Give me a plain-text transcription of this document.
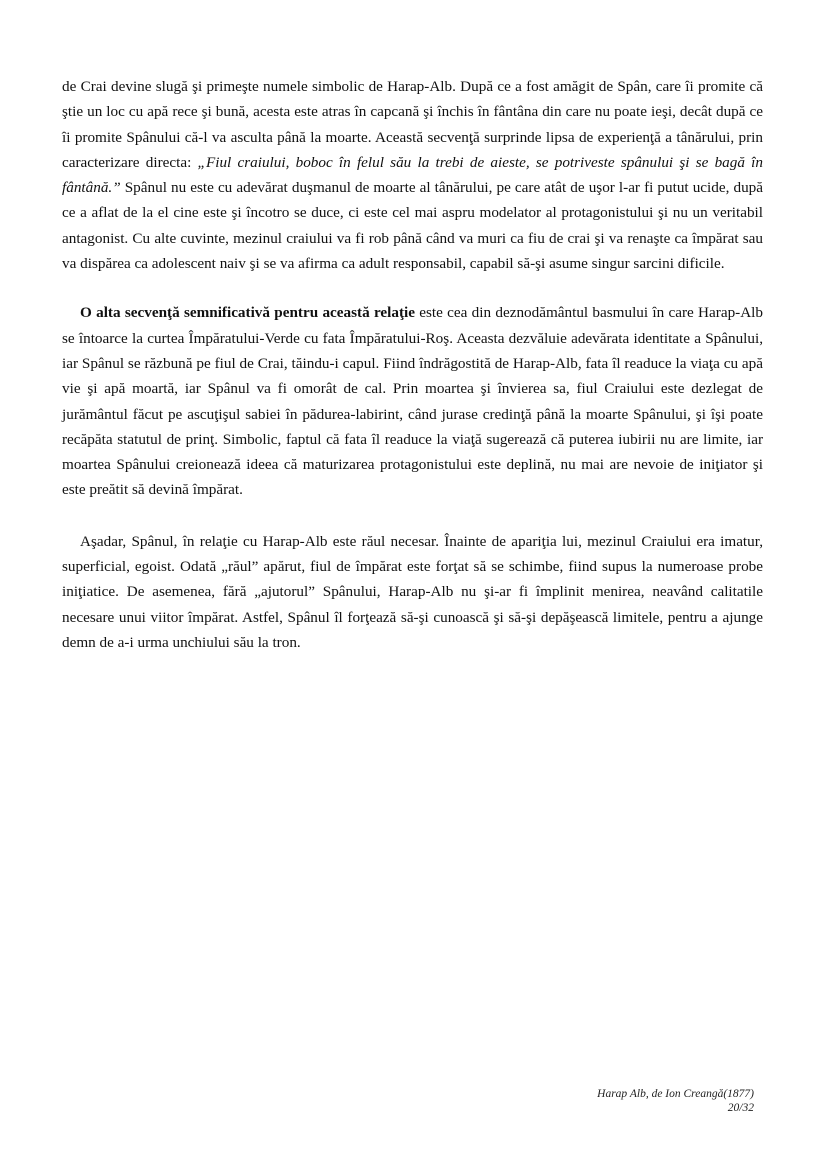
de Crai devine slugă şi primeşte numele simbolic de Harap-Alb. După ce a fost amăgit de Spân, care îi promite că ştie un loc cu apă rece şi bună, acesta este atras în capcană şi închis în fântâna din care nu poate ieşi, decât după ce îi promite Spânului că-l va asculta până la moarte. Această secvenţă surprinde lipsa de experienţă a tânărului, prin caracterizare directa: „Fiul craiului, boboc în felul său la trebi de aieste, se potriveste spânului şi se bagă în fântână.” Spânul nu este cu adevărat duşmanul de moarte al tânărului, pe care atât de uşor l-ar fi putut ucide, după ce a aflat de la el cine este şi încotro se duce, ci este cel mai aspru modelator al protagonistului şi nu un veritabil antagonist. Cu alte cuvinte, mezinul craiului va fi rob până când va muri ca fiu de crai şi va renaşte ca împărat sau va dispărea ca adolescent naiv şi se va afirma ca adult responsabil, capabil să-şi asume singur sarcini dificile.

O alta secvenţă semnificativă pentru această relaţie este cea din deznodământul basmului în care Harap-Alb se întoarce la curtea Împăratului-Verde cu fata Împăratului-Roş. Aceasta dezvăluie adevărata identitate a Spânului, iar Spânul se răzbună pe fiul de Crai, tăindu-i capul. Fiind îndrăgostită de Harap-Alb, fata îl readuce la viaţa cu apă vie şi apă moartă, iar Spânul va fi omorât de cal. Prin moartea şi învierea sa, fiul Craiului este dezlegat de jurământul făcut pe ascuţişul sabiei în pădurea-labirint, când jurase credinţă până la moarte Spânului, şi îşi poate recăpăta statutul de prinţ. Simbolic, faptul că fata îl readuce la viaţă sugerează că puterea iubirii nu are limite, iar moartea Spânului creionează ideea că maturizarea protagonistului este deplină, nu mai are nevoie de iniţiator şi este preătit să devină împărat.

Aşadar, Spânul, în relaţie cu Harap-Alb este răul necesar. Înainte de apariţia lui, mezinul Craiului era imatur, superficial, egoist. Odată „răul” apărut, fiul de împărat este forţat să se schimbe, fiind supus la numeroase probe iniţiatice. De asemenea, fără „ajutorul” Spânului, Harap-Alb nu şi-ar fi împlinit menirea, neavând calitatile necesare unui viitor împărat. Astfel, Spânul îl forţează să-şi cunoască şi să-şi depăşească limitele, pentru a ajunge demn de a-i urma unchiului său la tron.

Harap Alb, de Ion Creangă(1877)
20/32
